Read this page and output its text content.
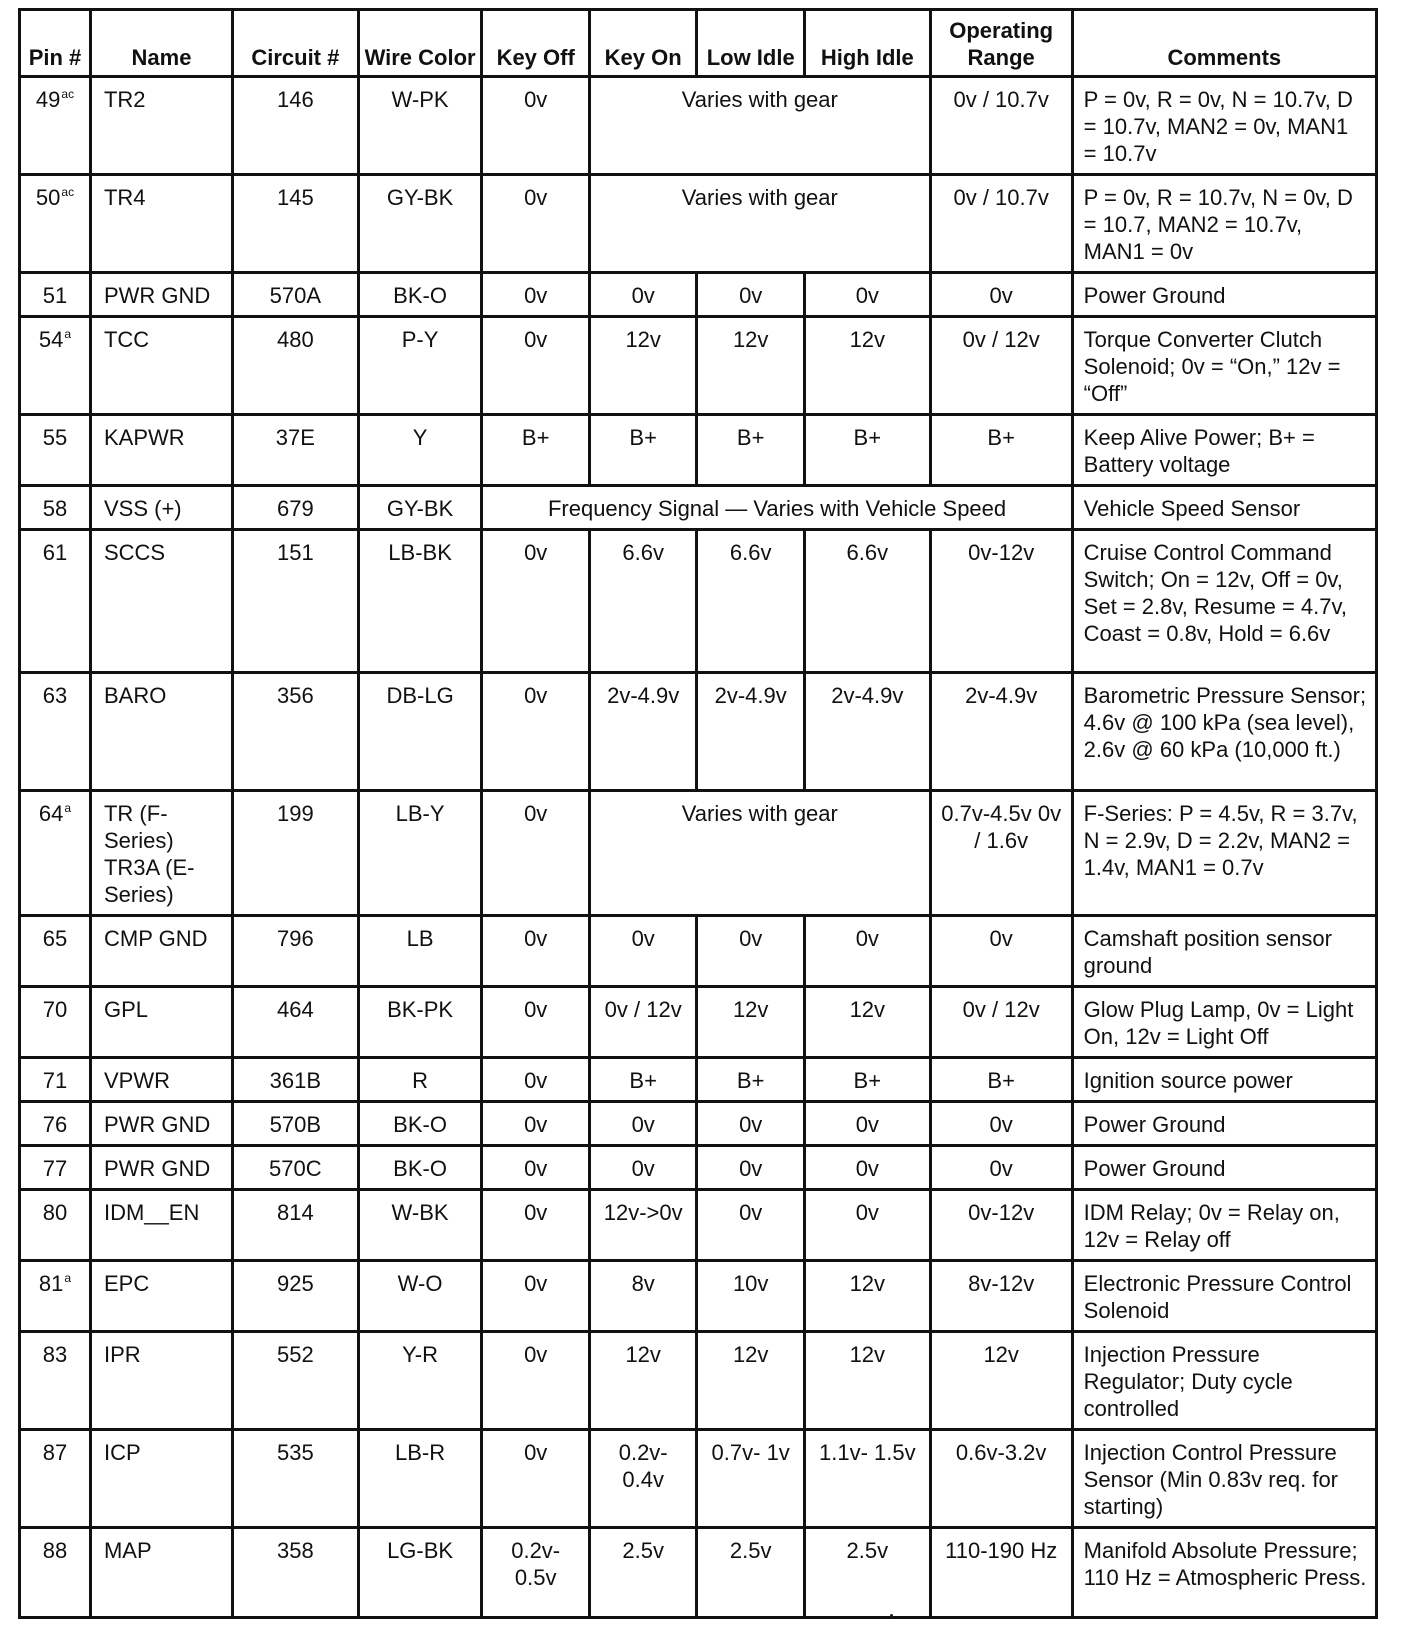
Pin #	Name	Circuit #	Wire Color	Key Off	Key On	Low Idle	High Idle	Operating Range	Comments
49$^{ac}$	TR2	146	W-PK	0v	Varies with gear			0v / 10.7v	P = 0v, R = 0v, N = 10.7v, D = 10.7v, MAN2 = 0v, MAN1 = 10.7v
50$^{ac}$	TR4	145	GY-BK	0v	Varies with gear			0v / 10.7v	P = 0v, R = 10.7v, N = 0v, D = 10.7, MAN2 = 10.7v, MAN1 = 0v
51	PWR GND	570A	BK-O	0v	0v	0v	0v	0v	Power Ground
54$^a$	TCC	480	P-Y	0v	12v	12v	12v	0v / 12v	Torque Converter Clutch Solenoid; 0v = “On,” 12v = “Off”
55	KAPWR	37E	Y	B+	B+	B+	B+	B+	Keep Alive Power; B+ = Battery voltage
58	VSS (+)	679	GY-BK	Frequency Signal — Varies with Vehicle Speed					Vehicle Speed Sensor
61	SCCS	151	LB-BK	0v	6.6v	6.6v	6.6v	0v-12v	Cruise Control Command Switch; On = 12v, Off = 0v, Set = 2.8v, Resume = 4.7v, Coast = 0.8v, Hold = 6.6v
63	BARO	356	DB-LG	0v	2v-4.9v	2v-4.9v	2v-4.9v	2v-4.9v	Barometric Pressure Sensor; 4.6v @ 100 kPa (sea level), 2.6v @ 60 kPa (10,000 ft.)
64$^a$	TR (F-Series) TR3A (E-Series)	199	LB-Y	0v	Varies with gear			0.7v-4.5v 0v / 1.6v	F-Series: P = 4.5v, R = 3.7v, N = 2.9v, D = 2.2v, MAN2 = 1.4v, MAN1 = 0.7v
65	CMP GND	796	LB	0v	0v	0v	0v	0v	Camshaft position sensor ground
70	GPL	464	BK-PK	0v	0v / 12v	12v	12v	0v / 12v	Glow Plug Lamp, 0v = Light On, 12v = Light Off
71	VPWR	361B	R	0v	B+	B+	B+	B+	Ignition source power
76	PWR GND	570B	BK-O	0v	0v	0v	0v	0v	Power Ground
77	PWR GND	570C	BK-O	0v	0v	0v	0v	0v	Power Ground
80	IDM__EN	814	W-BK	0v	12v->0v	0v	0v	0v-12v	IDM Relay; 0v = Relay on, 12v = Relay off
81$^a$	EPC	925	W-O	0v	8v	10v	12v	8v-12v	Electronic Pressure Control Solenoid
83	IPR	552	Y-R	0v	12v	12v	12v	12v	Injection Pressure Regulator; Duty cycle controlled
87	ICP	535	LB-R	0v	0.2v- 0.4v	0.7v- 1v	1.1v- 1.5v	0.6v-3.2v	Injection Control Pressure Sensor (Min 0.83v req. for starting)
88	MAP	358	LG-BK	0.2v- 0.5v	2.5v	2.5v	2.5v	110-190 Hz	Manifold Absolute Pressure; 110 Hz = Atmospheric Press.
